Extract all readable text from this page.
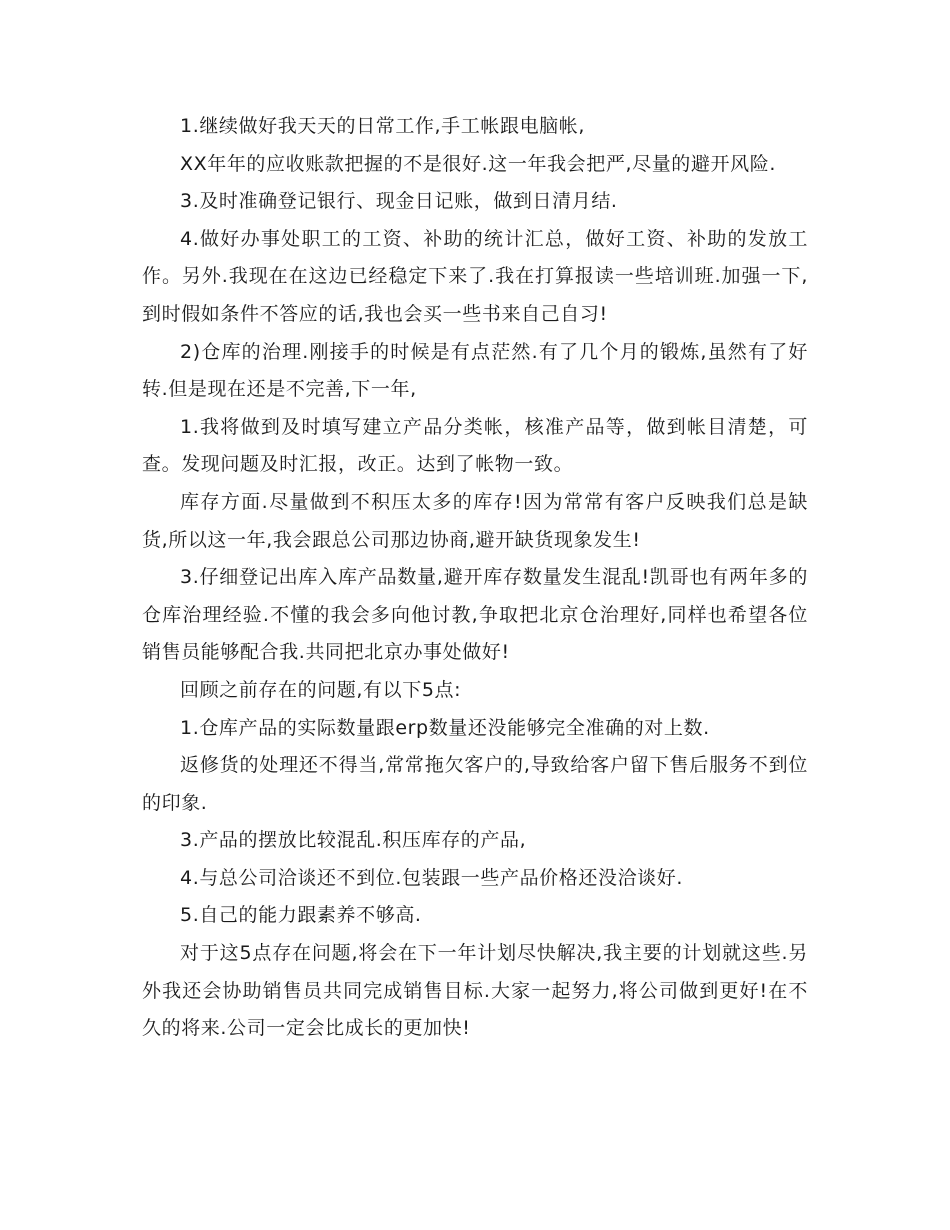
1.继续做好我天天的日常工作,手工帐跟电脑帐,

XX年年的应收账款把握的不是很好.这一年我会把严,尽量的避开风险.

3.及时准确登记银行、现金日记账，做到日清月结.

4.做好办事处职工的工资、补助的统计汇总，做好工资、补助的发放工作。另外.我现在在这边已经稳定下来了.我在打算报读一些培训班.加强一下,到时假如条件不答应的话,我也会买一些书来自己自习!

2)仓库的治理.刚接手的时候是有点茫然.有了几个月的锻炼,虽然有了好转.但是现在还是不完善,下一年,

1.我将做到及时填写建立产品分类帐，核准产品等，做到帐目清楚，可查。发现问题及时汇报，改正。达到了帐物一致。

库存方面.尽量做到不积压太多的库存!因为常常有客户反映我们总是缺货,所以这一年,我会跟总公司那边协商,避开缺货现象发生!

3.仔细登记出库入库产品数量,避开库存数量发生混乱!凯哥也有两年多的仓库治理经验.不懂的我会多向他讨教,争取把北京仓治理好,同样也希望各位销售员能够配合我.共同把北京办事处做好!

回顾之前存在的问题,有以下5点:

1.仓库产品的实际数量跟erp数量还没能够完全准确的对上数.

返修货的处理还不得当,常常拖欠客户的,导致给客户留下售后服务不到位的印象.

3.产品的摆放比较混乱.积压库存的产品,

4.与总公司洽谈还不到位.包装跟一些产品价格还没洽谈好.

5.自己的能力跟素养不够高.

对于这5点存在问题,将会在下一年计划尽快解决,我主要的计划就这些.另外我还会协助销售员共同完成销售目标.大家一起努力,将公司做到更好!在不久的将来.公司一定会比成长的更加快!
